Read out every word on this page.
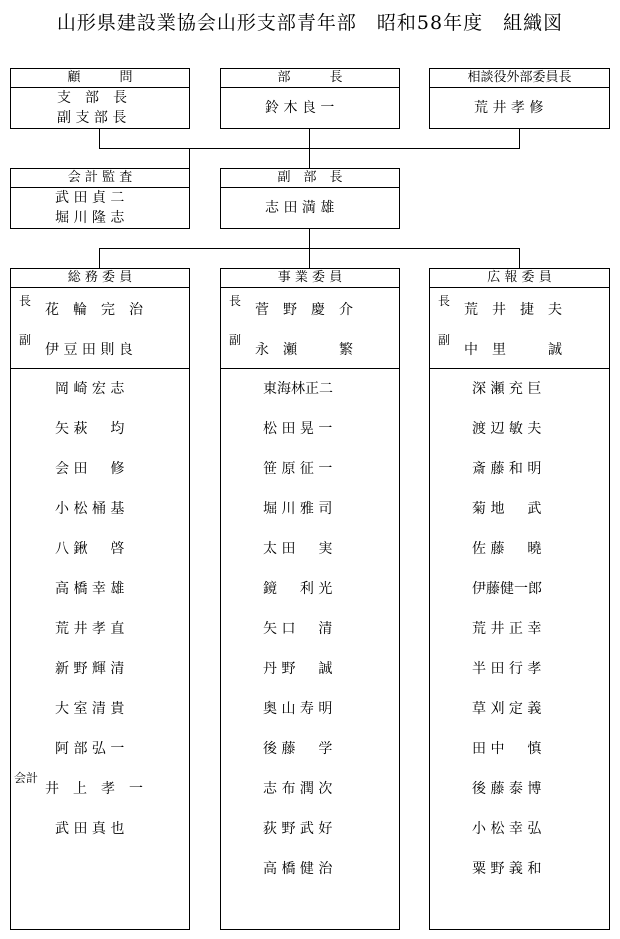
山形県建設業協会山形支部青年部　昭和58年度　組織図
顧　　　問
支　部　長
副 支 部 長
部　　　長
鈴 木 良 一
相談役外部委員長
荒 井 孝 修
会 計 監 査
武 田 貞 二
堀 川 隆 志
副　部　長
志 田 満 雄
総 務 委 員
長
花　輪　完　治
副
伊 豆 田 則 良
岡 崎 宏 志
矢 萩 　 均
会 田 　 修
小 松 桶 基
八 鍬 　 啓
高 橋 幸 雄
荒 井 孝 直
新 野 輝 清
大 室 清 貴
阿 部 弘 一
会計
井　上　孝　一
武 田 真 也
事 業 委 員
長
菅　野　慶　介
副
永　瀬　　　繁
東海林正二
松 田 晃 一
笹 原 征 一
堀 川 雅 司
太 田 　 実
鏡 　 利 光
矢 口 　 清
丹 野 　 誠
奥 山 寿 明
後 藤 　 学
志 布 潤 次
荻 野 武 好
高 橋 健 治
広 報 委 員
長
荒　井　捷　夫
副
中　里　　　誠
深 瀬 充 巨
渡 辺 敏 夫
斎 藤 和 明
菊 地 　 武
佐 藤 　 曉
伊藤健一郎
荒 井 正 幸
半 田 行 孝
草 刈 定 義
田 中 　 慎
後 藤 泰 博
小 松 幸 弘
粟 野 義 和
